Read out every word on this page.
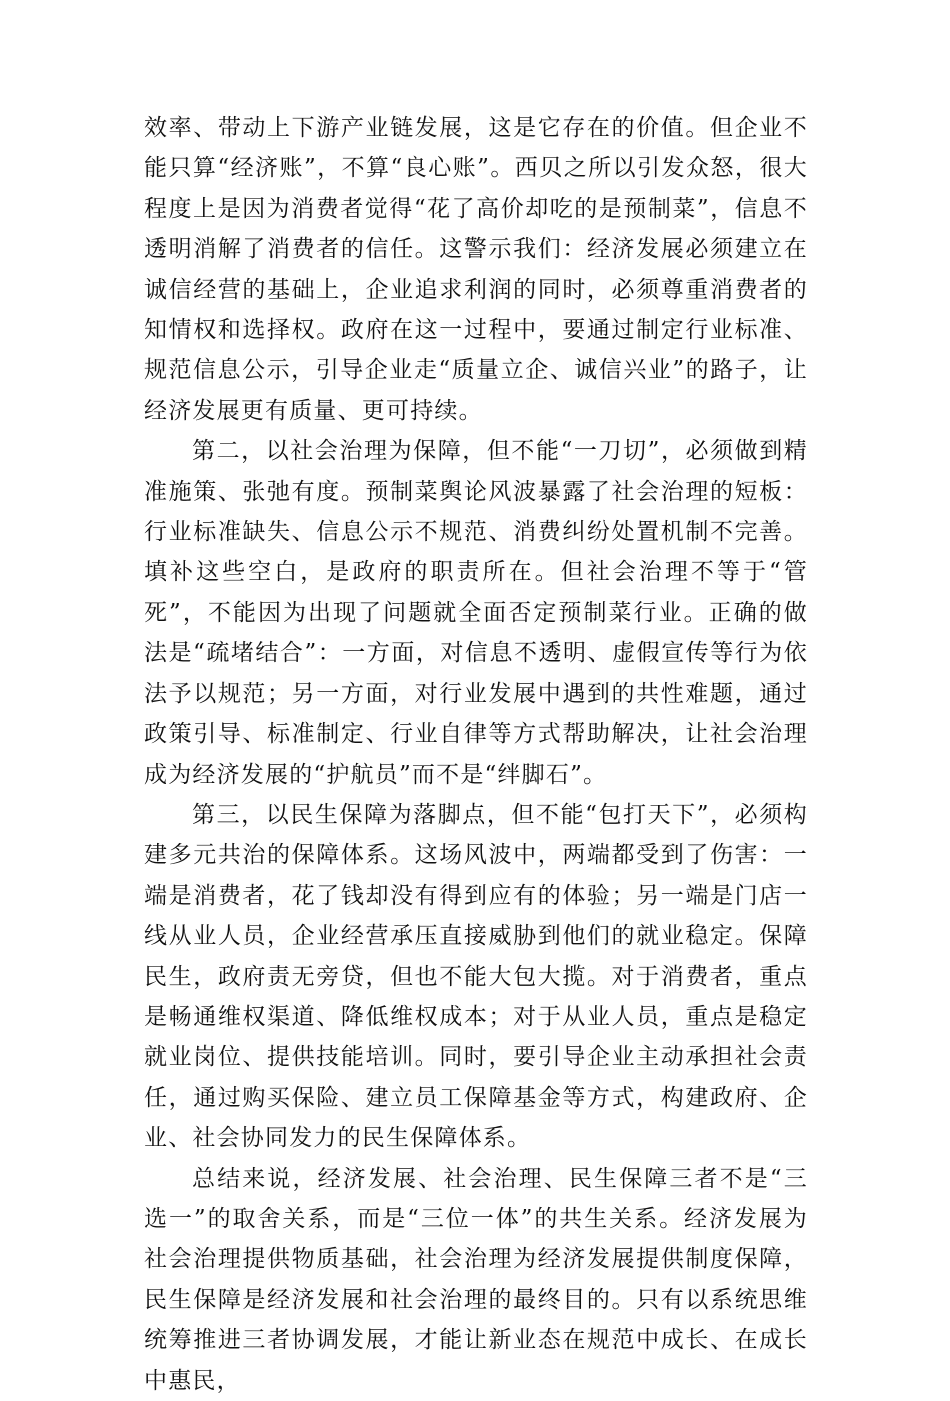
效率、带动上下游产业链发展，这是它存在的价值。但企业不能只算“经济账”，不算“良心账”。西贝之所以引发众怒，很大程度上是因为消费者觉得“花了高价却吃的是预制菜”，信息不透明消解了消费者的信任。这警示我们：经济发展必须建立在诚信经营的基础上，企业追求利润的同时，必须尊重消费者的知情权和选择权。政府在这一过程中，要通过制定行业标准、规范信息公示，引导企业走“质量立企、诚信兴业”的路子，让经济发展更有质量、更可持续。

第二，以社会治理为保障，但不能“一刀切”，必须做到精准施策、张弛有度。预制菜舆论风波暴露了社会治理的短板：行业标准缺失、信息公示不规范、消费纠纷处置机制不完善。填补这些空白，是政府的职责所在。但社会治理不等于“管死”，不能因为出现了问题就全面否定预制菜行业。正确的做法是“疏堵结合”：一方面，对信息不透明、虚假宣传等行为依法予以规范；另一方面，对行业发展中遇到的共性难题，通过政策引导、标准制定、行业自律等方式帮助解决，让社会治理成为经济发展的“护航员”而不是“绊脚石”。

第三，以民生保障为落脚点，但不能“包打天下”，必须构建多元共治的保障体系。这场风波中，两端都受到了伤害：一端是消费者，花了钱却没有得到应有的体验；另一端是门店一线从业人员，企业经营承压直接威胁到他们的就业稳定。保障民生，政府责无旁贷，但也不能大包大揽。对于消费者，重点是畅通维权渠道、降低维权成本；对于从业人员，重点是稳定就业岗位、提供技能培训。同时，要引导企业主动承担社会责任，通过购买保险、建立员工保障基金等方式，构建政府、企业、社会协同发力的民生保障体系。

总结来说，经济发展、社会治理、民生保障三者不是“三选一”的取舍关系，而是“三位一体”的共生关系。经济发展为社会治理提供物质基础，社会治理为经济发展提供制度保障，民生保障是经济发展和社会治理的最终目的。只有以系统思维统筹推进三者协调发展，才能让新业态在规范中成长、在成长中惠民，
